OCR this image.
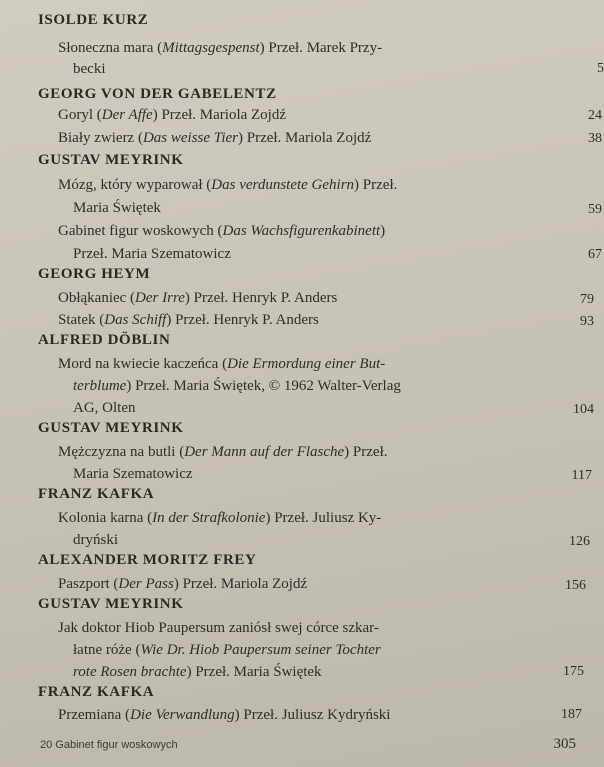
ISOLDE KURZ
Słoneczna mara (Mittagsgespenst) Przeł. Marek Przy-
becki	5
GEORG VON DER GABELENTZ
Goryl (Der Affe) Przeł. Mariola Zojdź	24
Biały zwierz (Das weisse Tier) Przeł. Mariola Zojdź	38
GUSTAV MEYRINK
Mózg, który wyparował (Das verdunstete Gehirn) Przeł.
Maria Świętek	59
Gabinet figur woskowych (Das Wachsfigurenkabinett)
Przeł. Maria Szematowicz	67
GEORG HEYM
Obłąkaniec (Der Irre) Przeł. Henryk P. Anders	79
Statek (Das Schiff) Przeł. Henryk P. Anders	93
ALFRED DÖBLIN
Mord na kwiecie kaczeńca (Die Ermordung einer But-
terblume) Przeł. Maria Świętek, © 1962 Walter-Verlag
AG, Olten	104
GUSTAV MEYRINK
Mężczyzna na butli (Der Mann auf der Flasche) Przeł.
Maria Szematowicz	117
FRANZ KAFKA
Kolonia karna (In der Strafkolonie) Przeł. Juliusz Ky-
dryński	126
ALEXANDER MORITZ FREY
Paszport (Der Pass) Przeł. Mariola Zojdź	156
GUSTAV MEYRINK
Jak doktor Hiob Paupersum zaniósł swej córce szkar-
łatne róże (Wie Dr. Hiob Paupersum seiner Tochter
rote Rosen brachte) Przeł. Maria Świętek	175
FRANZ KAFKA
Przemiana (Die Verwandlung) Przeł. Juliusz Kydryński	187
20 Gabinet figur woskowych	305
